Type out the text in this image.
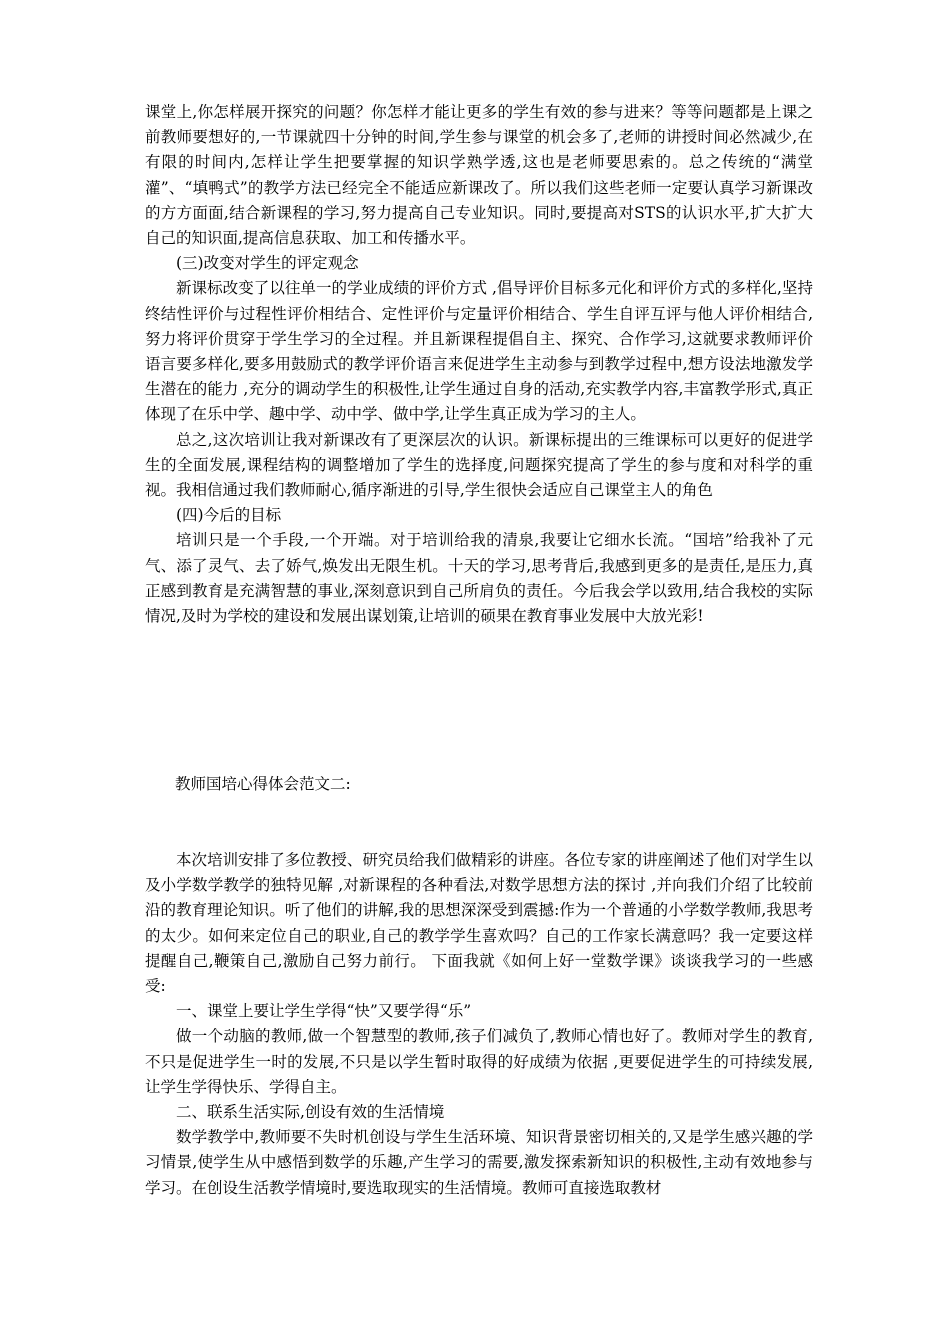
课堂上,你怎样展开探究的问题？你怎样才能让更多的学生有效的参与进来？等等问题都是上课之前教师要想好的,一节课就四十分钟的时间,学生参与课堂的机会多了,老师的讲授时间必然减少,在有限的时间内,怎样让学生把要掌握的知识学熟学透,这也是老师要思索的。总之传统的“满堂灌”、“填鸭式”的教学方法已经完全不能适应新课改了。所以我们这些老师一定要认真学习新课改的方方面面,结合新课程的学习,努力提高自己专业知识。同时,要提高对STS的认识水平,扩大扩大自己的知识面,提高信息获取、加工和传播水平。

(三)改变对学生的评定观念

新课标改变了以往单一的学业成绩的评价方式 ,倡导评价目标多元化和评价方式的多样化,坚持终结性评价与过程性评价相结合、定性评价与定量评价相结合、学生自评互评与他人评价相结合,努力将评价贯穿于学生学习的全过程。并且新课程提倡自主、探究、合作学习,这就要求教师评价语言要多样化,要多用鼓励式的教学评价语言来促进学生主动参与到教学过程中,想方设法地激发学生潜在的能力 ,充分的调动学生的积极性,让学生通过自身的活动,充实教学内容,丰富教学形式,真正体现了在乐中学、趣中学、动中学、做中学,让学生真正成为学习的主人。

总之,这次培训让我对新课改有了更深层次的认识。新课标提出的三维课标可以更好的促进学生的全面发展,课程结构的调整增加了学生的选择度,问题探究提高了学生的参与度和对科学的重视。我相信通过我们教师耐心,循序渐进的引导,学生很快会适应自己课堂主人的角色

(四)今后的目标

培训只是一个手段,一个开端。对于培训给我的清泉,我要让它细水长流。“国培”给我补了元气、添了灵气、去了娇气,焕发出无限生机。十天的学习,思考背后,我感到更多的是责任,是压力,真正感到教育是充满智慧的事业,深刻意识到自己所肩负的责任。今后我会学以致用,结合我校的实际情况,及时为学校的建设和发展出谋划策,让培训的硕果在教育事业发展中大放光彩!

教师国培心得体会范文二:

本次培训安排了多位教授、研究员给我们做精彩的讲座。各位专家的讲座阐述了他们对学生以及小学数学教学的独特见解 ,对新课程的各种看法,对数学思想方法的探讨 ,并向我们介绍了比较前沿的教育理论知识。听了他们的讲解,我的思想深深受到震撼:作为一个普通的小学数学教师,我思考的太少。如何来定位自己的职业,自己的教学学生喜欢吗？自己的工作家长满意吗？我一定要这样提醒自己,鞭策自己,激励自己努力前行。 下面我就《如何上好一堂数学课》谈谈我学习的一些感受:

一、课堂上要让学生学得“快”又要学得“乐”

做一个动脑的教师,做一个智慧型的教师,孩子们减负了,教师心情也好了。教师对学生的教育,不只是促进学生一时的发展,不只是以学生暂时取得的好成绩为依据 ,更要促进学生的可持续发展,让学生学得快乐、学得自主。

二、联系生活实际,创设有效的生活情境

数学教学中,教师要不失时机创设与学生生活环境、知识背景密切相关的,又是学生感兴趣的学习情景,使学生从中感悟到数学的乐趣,产生学习的需要,激发探索新知识的积极性,主动有效地参与学习。在创设生活教学情境时,要选取现实的生活情境。教师可直接选取教材
